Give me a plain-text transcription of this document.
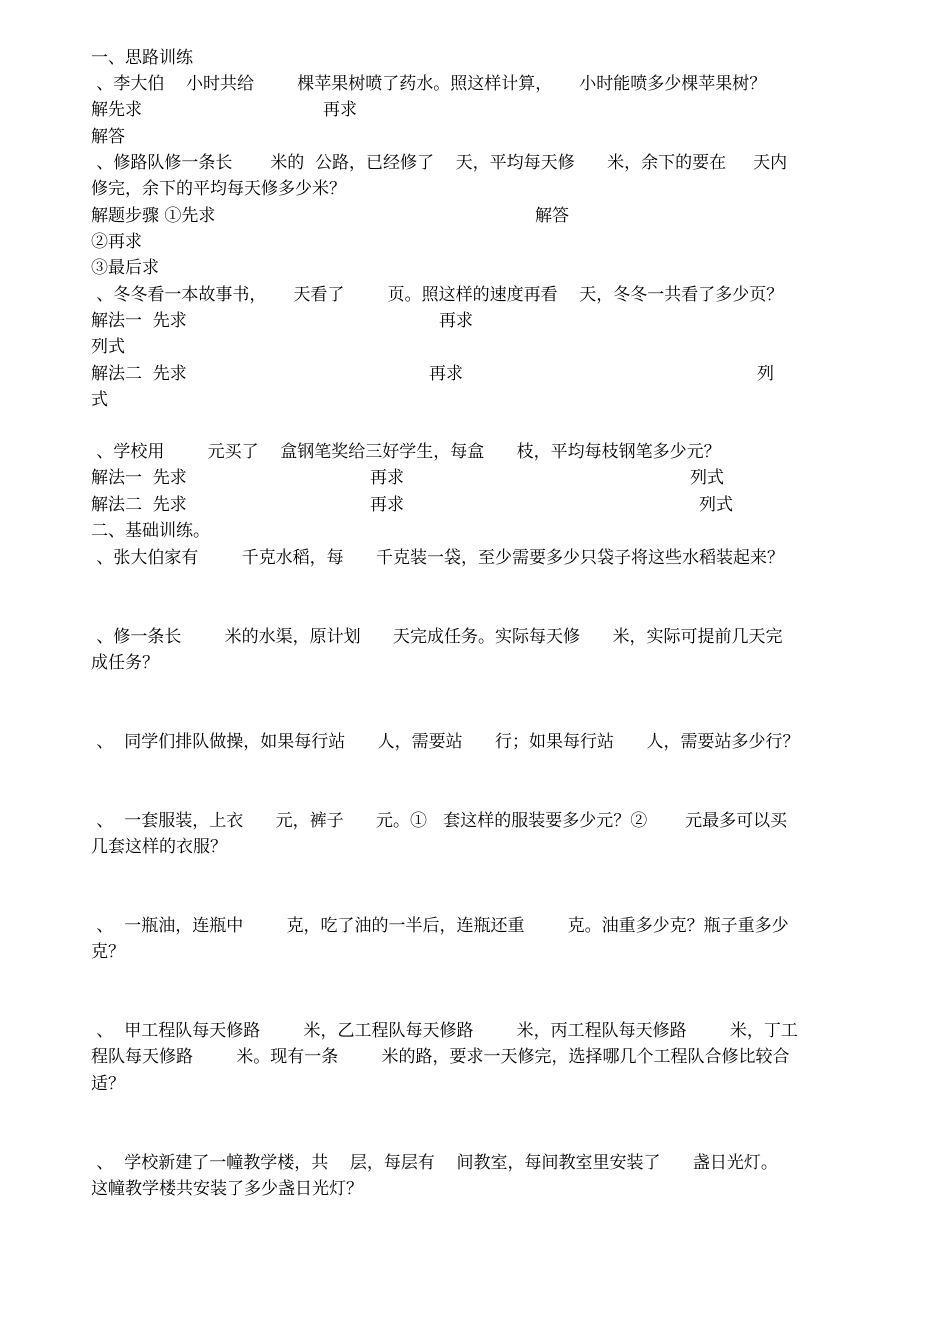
一、思路训练
、李大伯    小时共给        棵苹果树喷了药水。照这样计算，     小时能喷多少棵苹果树？
解先求	再求
解答
、修路队修一条长       米的  公路，已经修了    天，平均每天修      米，余下的要在     天内
修完，余下的平均每天修多少米？
解题步骤 ①先求	解答
②再求
③最后求
、冬冬看一本故事书，     天看了        页。照这样的速度再看    天，冬冬一共看了多少页？
解法一  先求	再求
列式
解法二  先求	再求	列
式
、学校用        元买了    盒钢笔奖给三好学生，每盒      枝，平均每枝钢笔多少元？
解法一  先求	再求	列式
解法二  先求	再求	列式
二、基础训练。
、张大伯家有        千克水稻，每      千克装一袋，至少需要多少只袋子将这些水稻装起来？
、修一条长        米的水渠，原计划      天完成任务。实际每天修      米，实际可提前几天完
成任务？
、  同学们排队做操，如果每行站      人，需要站      行；如果每行站      人，需要站多少行？
、  一套服装，上衣      元，裤子      元。①   套这样的服装要多少元？②       元最多可以买
几套这样的衣服？
、  一瓶油，连瓶中        克，吃了油的一半后，连瓶还重        克。油重多少克？瓶子重多少
克？
、  甲工程队每天修路        米，乙工程队每天修路        米，丙工程队每天修路        米，丁工
程队每天修路        米。现有一条        米的路，要求一天修完，选择哪几个工程队合修比较合
适？
、  学校新建了一幢教学楼，共    层，每层有    间教室，每间教室里安装了      盏日光灯。
这幢教学楼共安装了多少盏日光灯？
